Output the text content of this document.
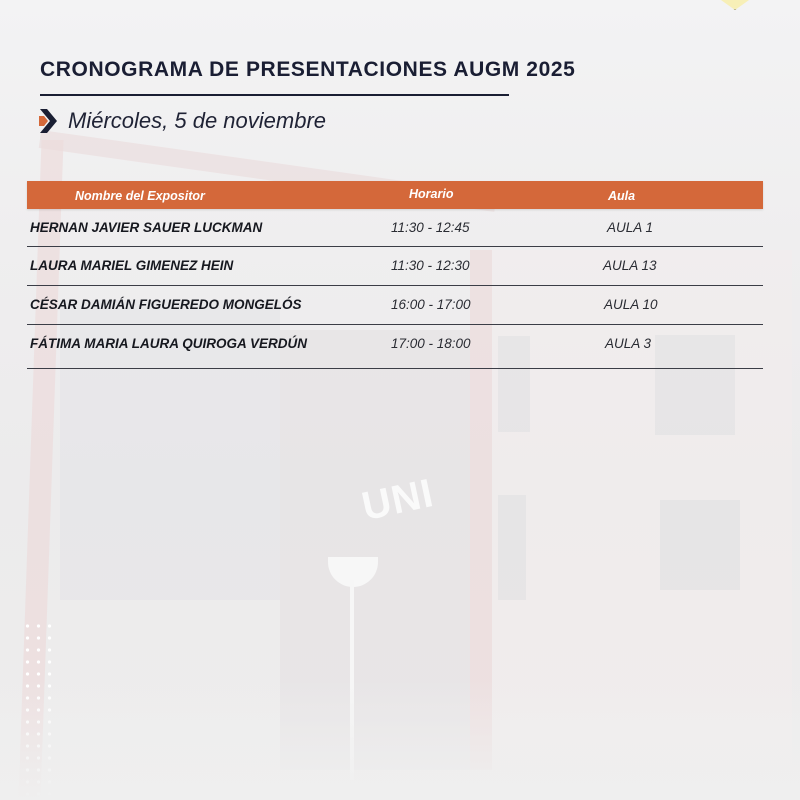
UNI
CRONOGRAMA DE PRESENTACIONES AUGM 2025
Miércoles, 5 de noviembre
Nombre del Expositor	Horario	Aula
HERNAN JAVIER SAUER LUCKMAN	11:30 - 12:45	AULA 1
LAURA MARIEL GIMENEZ HEIN	11:30 - 12:30	AULA 13
CÉSAR DAMIÁN FIGUEREDO MONGELÓS	16:00 - 17:00	AULA 10
FÁTIMA MARIA LAURA QUIROGA VERDÚN	17:00 - 18:00	AULA 3
